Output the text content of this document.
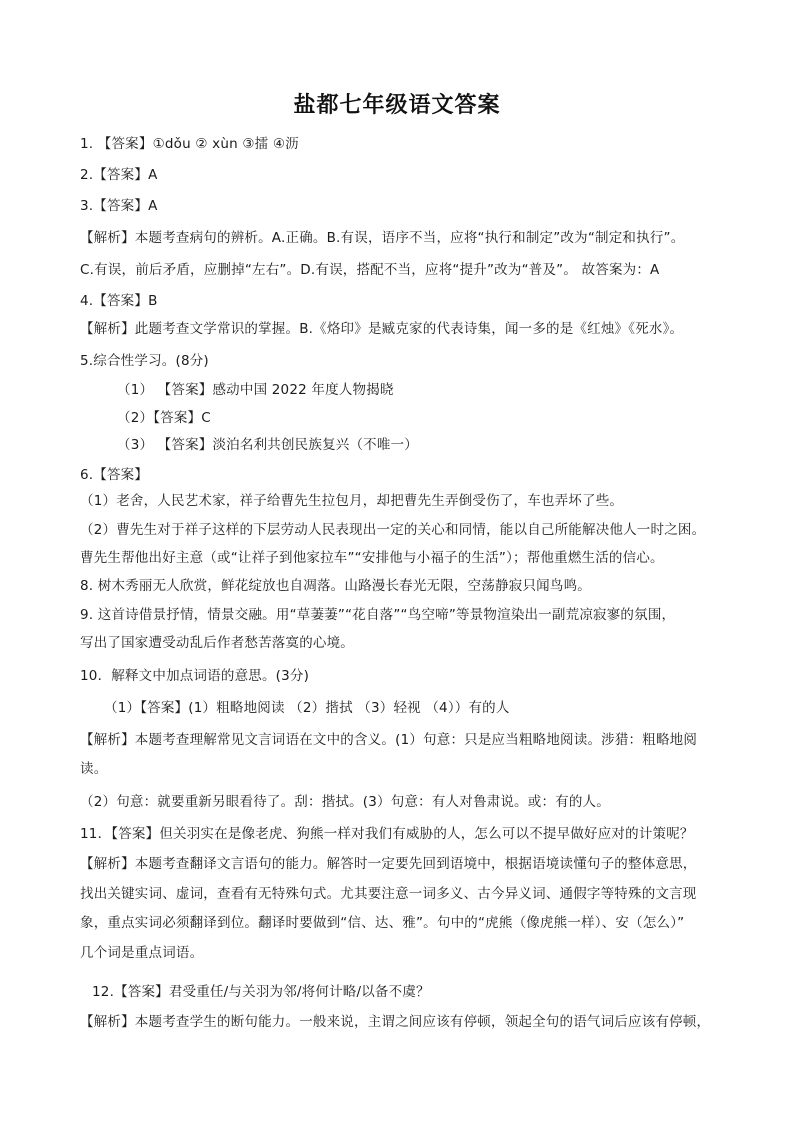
盐都七年级语文答案
1. 【答案】①dǒu ② xùn ③擂 ④沥
2.【答案】A
3.【答案】A
【解析】本题考查病句的辨析。A.正确。B.有误，语序不当，应将“执行和制定”改为“制定和执行”。
C.有误，前后矛盾，应删掉“左右”。D.有误，搭配不当，应将“提升”改为“普及”。 故答案为：A
4.【答案】B
【解析】此题考查文学常识的掌握。B.《烙印》是臧克家的代表诗集，闻一多的是《红烛》《死水》。
5.综合性学习。(8分)
（1） 【答案】感动中国 2022 年度人物揭晓
（2）【答案】C
（3） 【答案】淡泊名利共创民族复兴（不唯一）
6.【答案】
（1）老舍，人民艺术家，祥子给曹先生拉包月，却把曹先生弄倒受伤了，车也弄坏了些。
（2）曹先生对于祥子这样的下层劳动人民表现出一定的关心和同情，能以自己所能解决他人一时之困。
曹先生帮他出好主意（或“让祥子到他家拉车”“安排他与小福子的生活”）；帮他重燃生活的信心。
8. 树木秀丽无人欣赏，鲜花绽放也自凋落。山路漫长春光无限，空荡静寂只闻鸟鸣。
9. 这首诗借景抒情，情景交融。用“草萋萋”“花自落”“鸟空啼”等景物渲染出一副荒凉寂寥的氛围，
写出了国家遭受动乱后作者愁苦落寞的心境。
10．解释文中加点词语的意思。(3分)
（1）【答案】(1）粗略地阅读 （2）揩拭 （3）轻视 （4））有的人
【解析】本题考查理解常见文言词语在文中的含义。(1）句意：只是应当粗略地阅读。涉猎：粗略地阅
读。
（2）句意：就要重新另眼看待了。刮：揩拭。(3）句意：有人对鲁肃说。或：有的人。
11．【答案】但关羽实在是像老虎、狗熊一样对我们有威胁的人，怎么可以不提早做好应对的计策呢？
【解析】本题考查翻译文言语句的能力。解答时一定要先回到语境中，根据语境读懂句子的整体意思，
找出关键实词、虚词，查看有无特殊句式。尤其要注意一词多义、古今异义词、通假字等特殊的文言现
象，重点实词必须翻译到位。翻译时要做到“信、达、雅”。句中的“虎熊（像虎熊一样）、安（怎么）”
几个词是重点词语。
12.【答案】君受重任/与关羽为邻/将何计略/以备不虞？
【解析】本题考查学生的断句能力。一般来说，主谓之间应该有停顿，领起全句的语气词后应该有停顿，
